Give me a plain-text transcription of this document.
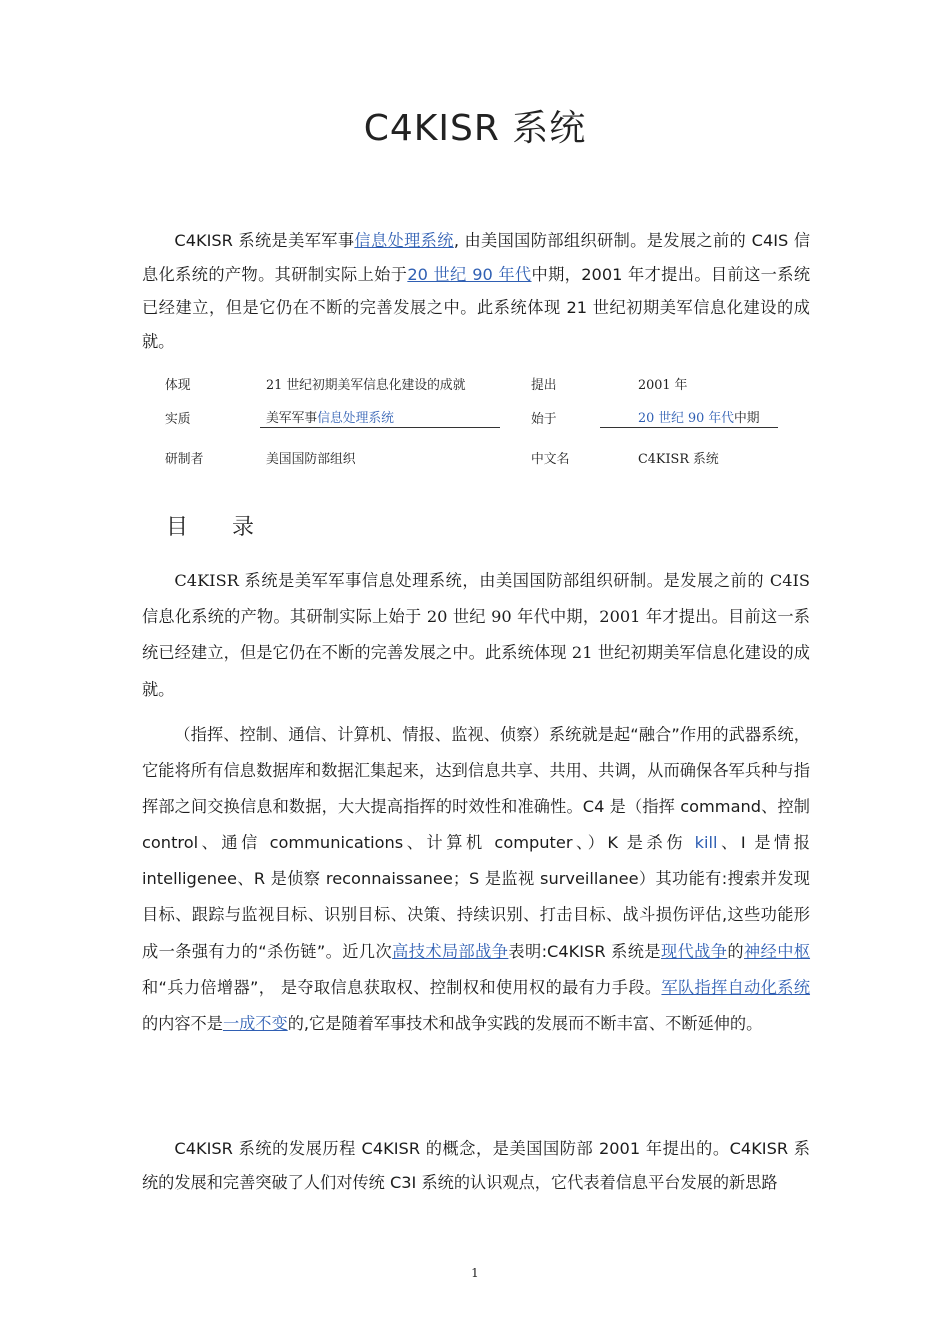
C4KISR 系统

C4KISR 系统是美军军事信息处理系统, 由美国国防部组织研制。是发展之前的 C4IS 信息化系统的产物。其研制实际上始于20 世纪 90 年代中期，2001 年才提出。目前这一系统已经建立，但是它仍在不断的完善发展之中。此系统体现 21 世纪初期美军信息化建设的成就。

体现	21 世纪初期美军信息化建设的成就	提出	2001 年
实质	美军军事信息处理系统	始于	20 世纪 90 年代中期
研制者	美国国防部组织	中文名	C4KISR 系统
目 录

C4KISR 系统是美军军事信息处理系统，由美国国防部组织研制。是发展之前的 C4IS 信息化系统的产物。其研制实际上始于 20 世纪 90 年代中期，2001 年才提出。目前这一系统已经建立，但是它仍在不断的完善发展之中。此系统体现 21 世纪初期美军信息化建设的成就。

（指挥、控制、通信、计算机、情报、监视、侦察）系统就是起“融合”作用的武器系统，它能将所有信息数据库和数据汇集起来，达到信息共享、共用、共调，从而确保各军兵种与指挥部之间交换信息和数据，大大提高指挥的时效性和准确性。C4 是（指挥 command、控制 control、通信 communications、计算机 computer、）K 是杀伤 kill、I 是情报 intelligenee、R 是侦察 reconnaissanee；S 是监视 surveillanee）其功能有:搜索并发现目标、跟踪与监视目标、识别目标、决策、持续识别、打击目标、战斗损伤评估,这些功能形成一条强有力的“杀伤链”。近几次高技术局部战争表明:C4KISR 系统是现代战争的神经中枢和“兵力倍增器”， 是夺取信息获取权、控制权和使用权的最有力手段。军队指挥自动化系统的内容不是一成不变的,它是随着军事技术和战争实践的发展而不断丰富、不断延伸的。

C4KISR 系统的发展历程 C4KISR 的概念，是美国国防部 2001 年提出的。C4KISR 系统的发展和完善突破了人们对传统 C3I 系统的认识观点，它代表着信息平台发展的新思路

1
